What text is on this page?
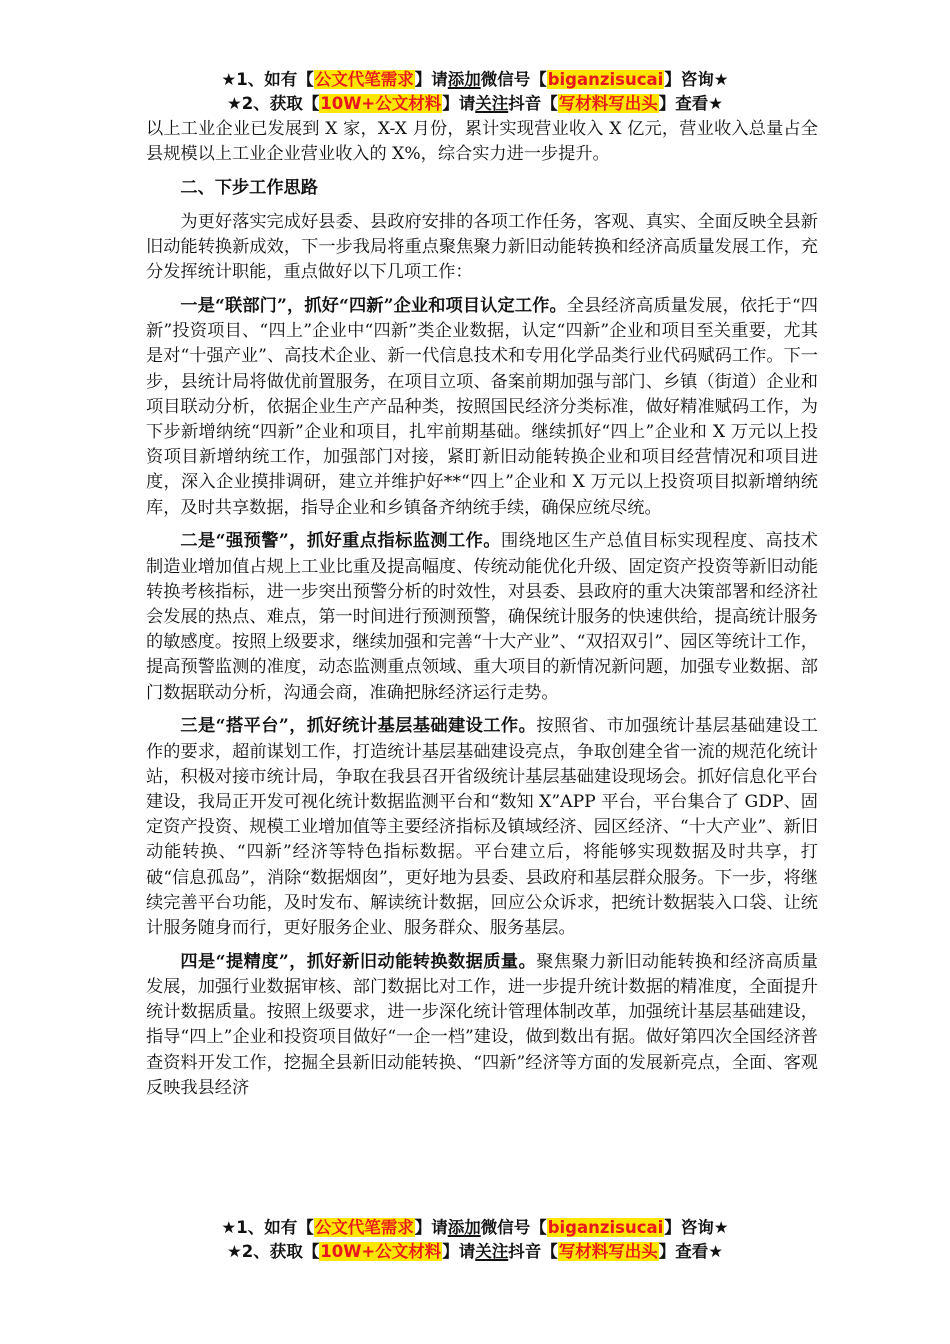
★1、如有【公文代笔需求】请添加微信号【biganzisucai】咨询★
★2、获取【10W+公文材料】请关注抖音【写材料写出头】查看★

以上工业企业已发展到 X 家，X-X 月份，累计实现营业收入 X 亿元，营业收入总量占全县规模以上工业企业营业收入的 X%，综合实力进一步提升。

二、下步工作思路

为更好落实完成好县委、县政府安排的各项工作任务，客观、真实、全面反映全县新旧动能转换新成效，下一步我局将重点聚焦聚力新旧动能转换和经济高质量发展工作，充分发挥统计职能，重点做好以下几项工作：

一是“联部门”，抓好“四新”企业和项目认定工作。全县经济高质量发展，依托于“四新”投资项目、“四上”企业中“四新”类企业数据，认定“四新”企业和项目至关重要，尤其是对“十强产业”、高技术企业、新一代信息技术和专用化学品类行业代码赋码工作。下一步，县统计局将做优前置服务，在项目立项、备案前期加强与部门、乡镇（街道）企业和项目联动分析，依据企业生产产品种类，按照国民经济分类标准，做好精准赋码工作，为下步新增纳统“四新”企业和项目，扎牢前期基础。继续抓好“四上”企业和 X 万元以上投资项目新增纳统工作，加强部门对接，紧盯新旧动能转换企业和项目经营情况和项目进度，深入企业摸排调研，建立并维护好**“四上”企业和 X 万元以上投资项目拟新增纳统库，及时共享数据，指导企业和乡镇备齐纳统手续，确保应统尽统。

二是“强预警”，抓好重点指标监测工作。围绕地区生产总值目标实现程度、高技术制造业增加值占规上工业比重及提高幅度、传统动能优化升级、固定资产投资等新旧动能转换考核指标，进一步突出预警分析的时效性，对县委、县政府的重大决策部署和经济社会发展的热点、难点，第一时间进行预测预警，确保统计服务的快速供给，提高统计服务的敏感度。按照上级要求，继续加强和完善“十大产业”、“双招双引”、园区等统计工作，提高预警监测的准度，动态监测重点领域、重大项目的新情况新问题，加强专业数据、部门数据联动分析，沟通会商，准确把脉经济运行走势。

三是“搭平台”，抓好统计基层基础建设工作。按照省、市加强统计基层基础建设工作的要求，超前谋划工作，打造统计基层基础建设亮点，争取创建全省一流的规范化统计站，积极对接市统计局，争取在我县召开省级统计基层基础建设现场会。抓好信息化平台建设，我局正开发可视化统计数据监测平台和“数知 X”APP 平台，平台集合了 GDP、固定资产投资、规模工业增加值等主要经济指标及镇域经济、园区经济、“十大产业”、新旧动能转换、“四新”经济等特色指标数据。平台建立后，将能够实现数据及时共享，打破“信息孤岛”，消除“数据烟囱”，更好地为县委、县政府和基层群众服务。下一步，将继续完善平台功能，及时发布、解读统计数据，回应公众诉求，把统计数据装入口袋、让统计服务随身而行，更好服务企业、服务群众、服务基层。

四是“提精度”，抓好新旧动能转换数据质量。聚焦聚力新旧动能转换和经济高质量发展，加强行业数据审核、部门数据比对工作，进一步提升统计数据的精准度，全面提升统计数据质量。按照上级要求，进一步深化统计管理体制改革，加强统计基层基础建设，指导“四上”企业和投资项目做好“一企一档”建设，做到数出有据。做好第四次全国经济普查资料开发工作，挖掘全县新旧动能转换、“四新”经济等方面的发展新亮点，全面、客观反映我县经济

★1、如有【公文代笔需求】请添加微信号【biganzisucai】咨询★
★2、获取【10W+公文材料】请关注抖音【写材料写出头】查看★
